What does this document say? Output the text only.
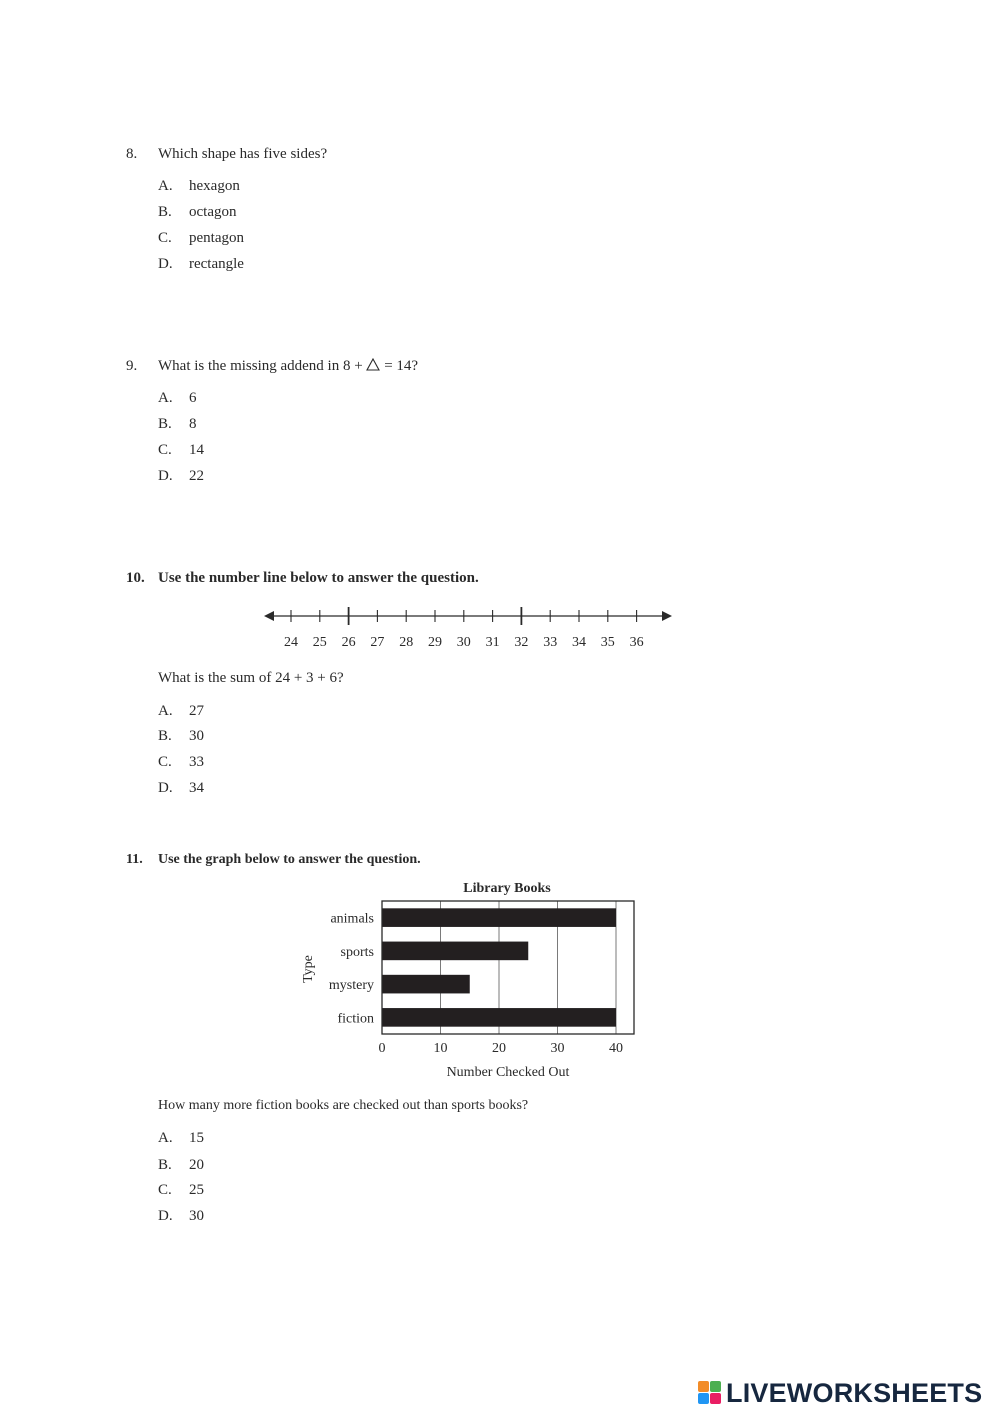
8. Which shape has five sides?
A. hexagon
B. octagon
C. pentagon
D. rectangle
9. What is the missing addend in 8 +  = 14?
A. 6
B. 8
C. 14
D. 22
10. Use the number line below to answer the question.
24 25 26 27 28 29 30 31 32 33 34 35 36
What is the sum of 24 + 3 + 6?
A. 27
B. 30
C. 33
D. 34
11. Use the graph below to answer the question.
Library Books
Type
Number Checked Out
0	10	20	30	40
animals
sports
mystery
fiction
How many more fiction books are checked out than sports books?
A. 15
B. 20
C. 25
D. 30
LIVEWORKSHEETS
